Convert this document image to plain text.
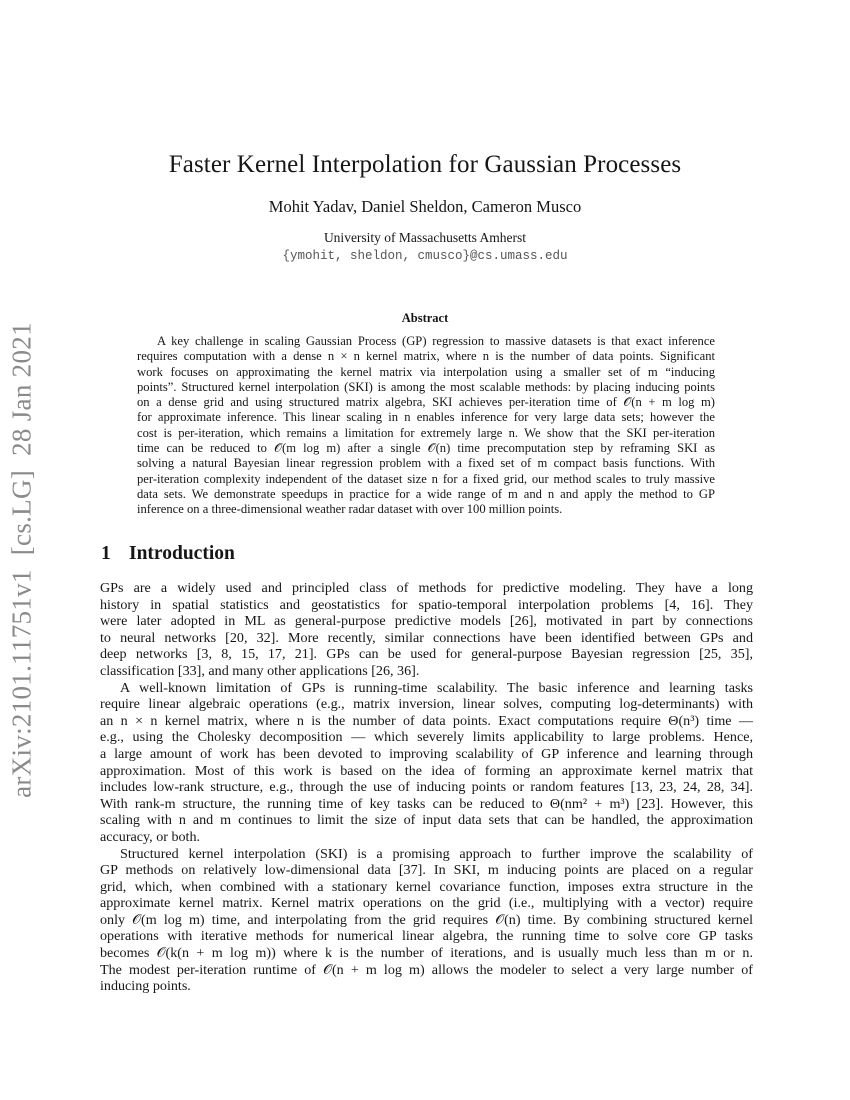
arXiv:2101.11751v1[cs.LG]28 Jan 2021
Faster Kernel Interpolation for Gaussian Processes
Mohit Yadav, Daniel Sheldon, Cameron Musco
University of Massachusetts Amherst
{ymohit, sheldon, cmusco}@cs.umass.edu
Abstract
A key challenge in scaling Gaussian Process (GP) regression to massive datasets is that exact inference
requires computation with a dense n × n kernel matrix, where n is the number of data points. Significant
work focuses on approximating the kernel matrix via interpolation using a smaller set of m “inducing
points”. Structured kernel interpolation (SKI) is among the most scalable methods: by placing inducing points
on a dense grid and using structured matrix algebra, SKI achieves per-iteration time of 𝒪(n + m log m)
for approximate inference. This linear scaling in n enables inference for very large data sets; however the
cost is per-iteration, which remains a limitation for extremely large n. We show that the SKI per-iteration
time can be reduced to 𝒪(m log m) after a single 𝒪(n) time precomputation step by reframing SKI as
solving a natural Bayesian linear regression problem with a fixed set of m compact basis functions. With
per-iteration complexity independent of the dataset size n for a fixed grid, our method scales to truly massive
data sets. We demonstrate speedups in practice for a wide range of m and n and apply the method to GP
inference on a three-dimensional weather radar dataset with over 100 million points.
1 Introduction
GPs are a widely used and principled class of methods for predictive modeling. They have a long
history in spatial statistics and geostatistics for spatio-temporal interpolation problems [4, 16]. They
were later adopted in ML as general-purpose predictive models [26], motivated in part by connections
to neural networks [20, 32]. More recently, similar connections have been identified between GPs and
deep networks [3, 8, 15, 17, 21]. GPs can be used for general-purpose Bayesian regression [25, 35],
classification [33], and many other applications [26, 36].
A well-known limitation of GPs is running-time scalability. The basic inference and learning tasks
require linear algebraic operations (e.g., matrix inversion, linear solves, computing log-determinants) with
an n × n kernel matrix, where n is the number of data points. Exact computations require Θ(n³) time —
e.g., using the Cholesky decomposition — which severely limits applicability to large problems. Hence,
a large amount of work has been devoted to improving scalability of GP inference and learning through
approximation. Most of this work is based on the idea of forming an approximate kernel matrix that
includes low-rank structure, e.g., through the use of inducing points or random features [13, 23, 24, 28, 34].
With rank-m structure, the running time of key tasks can be reduced to Θ(nm² + m³) [23]. However, this
scaling with n and m continues to limit the size of input data sets that can be handled, the approximation
accuracy, or both.
Structured kernel interpolation (SKI) is a promising approach to further improve the scalability of
GP methods on relatively low-dimensional data [37]. In SKI, m inducing points are placed on a regular
grid, which, when combined with a stationary kernel covariance function, imposes extra structure in the
approximate kernel matrix. Kernel matrix operations on the grid (i.e., multiplying with a vector) require
only 𝒪(m log m) time, and interpolating from the grid requires 𝒪(n) time. By combining structured kernel
operations with iterative methods for numerical linear algebra, the running time to solve core GP tasks
becomes 𝒪(k(n + m log m)) where k is the number of iterations, and is usually much less than m or n.
The modest per-iteration runtime of 𝒪(n + m log m) allows the modeler to select a very large number of
inducing points.
